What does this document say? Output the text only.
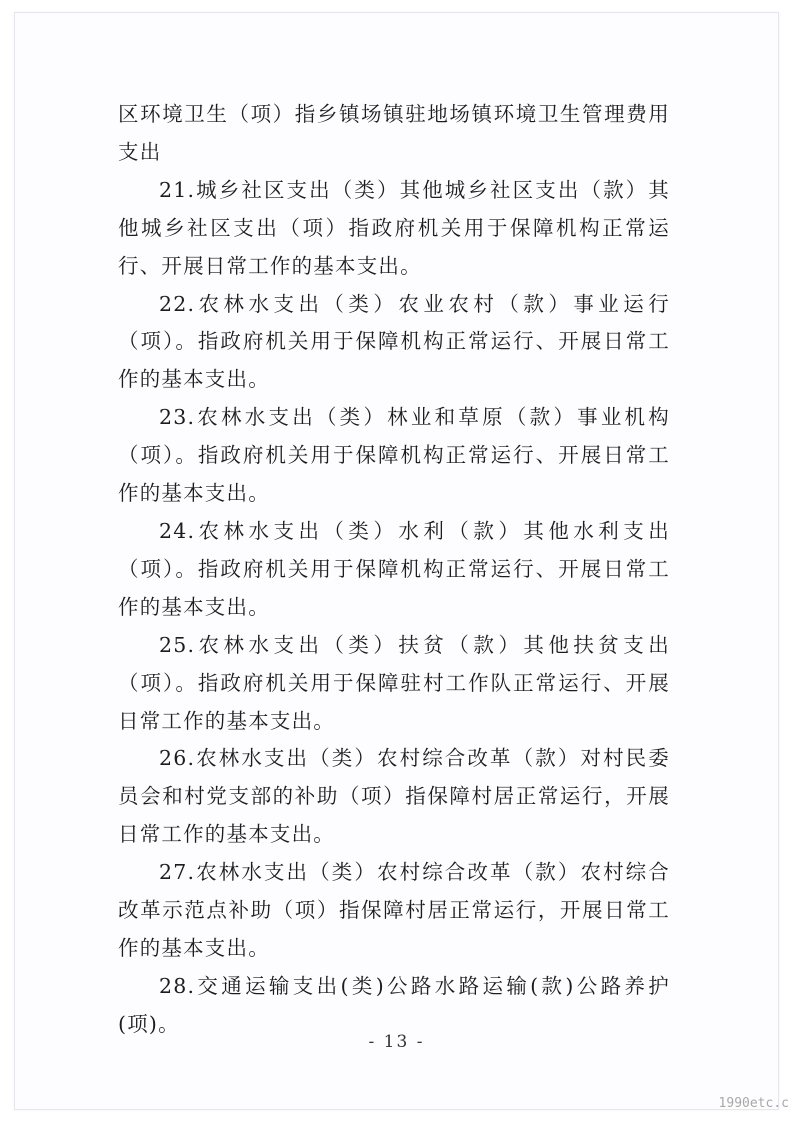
区环境卫生（项）指乡镇场镇驻地场镇环境卫生管理费用支出

21.城乡社区支出（类）其他城乡社区支出（款）其他城乡社区支出（项）指政府机关用于保障机构正常运行、开展日常工作的基本支出。

22.农林水支出（类）农业农村（款）事业运行（项）。指政府机关用于保障机构正常运行、开展日常工作的基本支出。

23.农林水支出（类）林业和草原（款）事业机构（项）。指政府机关用于保障机构正常运行、开展日常工作的基本支出。

24.农林水支出（类）水利（款）其他水利支出（项）。指政府机关用于保障机构正常运行、开展日常工作的基本支出。

25.农林水支出（类）扶贫（款）其他扶贫支出（项）。指政府机关用于保障驻村工作队正常运行、开展日常工作的基本支出。

26.农林水支出（类）农村综合改革（款）对村民委员会和村党支部的补助（项）指保障村居正常运行，开展日常工作的基本支出。

27.农林水支出（类）农村综合改革（款）农村综合改革示范点补助（项）指保障村居正常运行，开展日常工作的基本支出。

28.交通运输支出(类)公路水路运输(款)公路养护(项)。

- 13 -
1990etc.c
